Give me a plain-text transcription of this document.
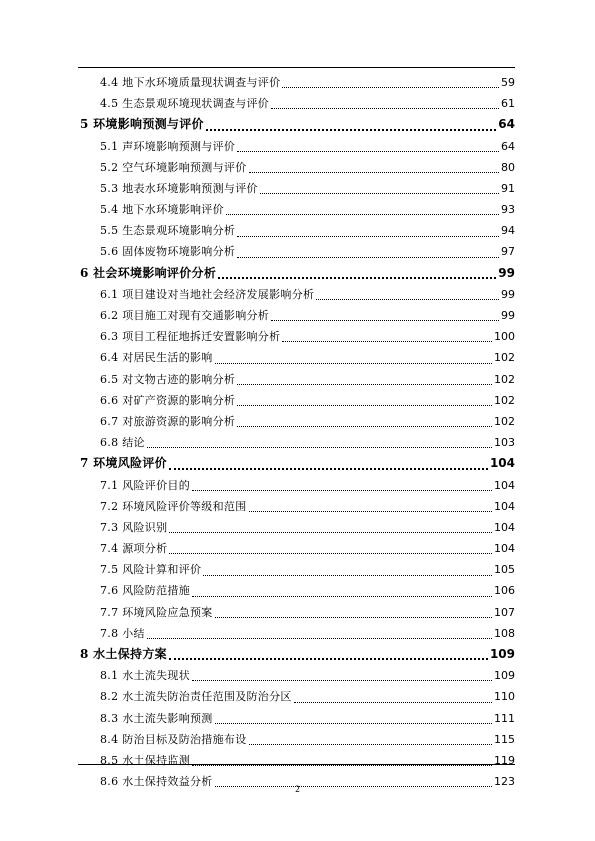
4.4 地下水环境质量现状调查与评价	59
4.5 生态景观环境现状调查与评价	61
5 环境影响预测与评价	64
5.1 声环境影响预测与评价	64
5.2 空气环境影响预测与评价	80
5.3 地表水环境影响预测与评价	91
5.4 地下水环境影响评价	93
5.5 生态景观环境影响分析	94
5.6 固体废物环境影响分析	97
6 社会环境影响评价分析	99
6.1 项目建设对当地社会经济发展影响分析	99
6.2 项目施工对现有交通影响分析	99
6.3 项目工程征地拆迁安置影响分析	100
6.4 对居民生活的影响	102
6.5 对文物古迹的影响分析	102
6.6 对矿产资源的影响分析	102
6.7 对旅游资源的影响分析	102
6.8 结论	103
7 环境风险评价	104
7.1 风险评价目的	104
7.2 环境风险评价等级和范围	104
7.3 风险识别	104
7.4 源项分析	104
7.5 风险计算和评价	105
7.6 风险防范措施	106
7.7 环境风险应急预案	107
7.8 小结	108
8 水土保持方案	109
8.1 水土流失现状	109
8.2 水土流失防治责任范围及防治分区	110
8.3 水土流失影响预测	111
8.4 防治目标及防治措施布设	115
8.5 水土保持监测	119
8.6 水土保持效益分析	123
2
